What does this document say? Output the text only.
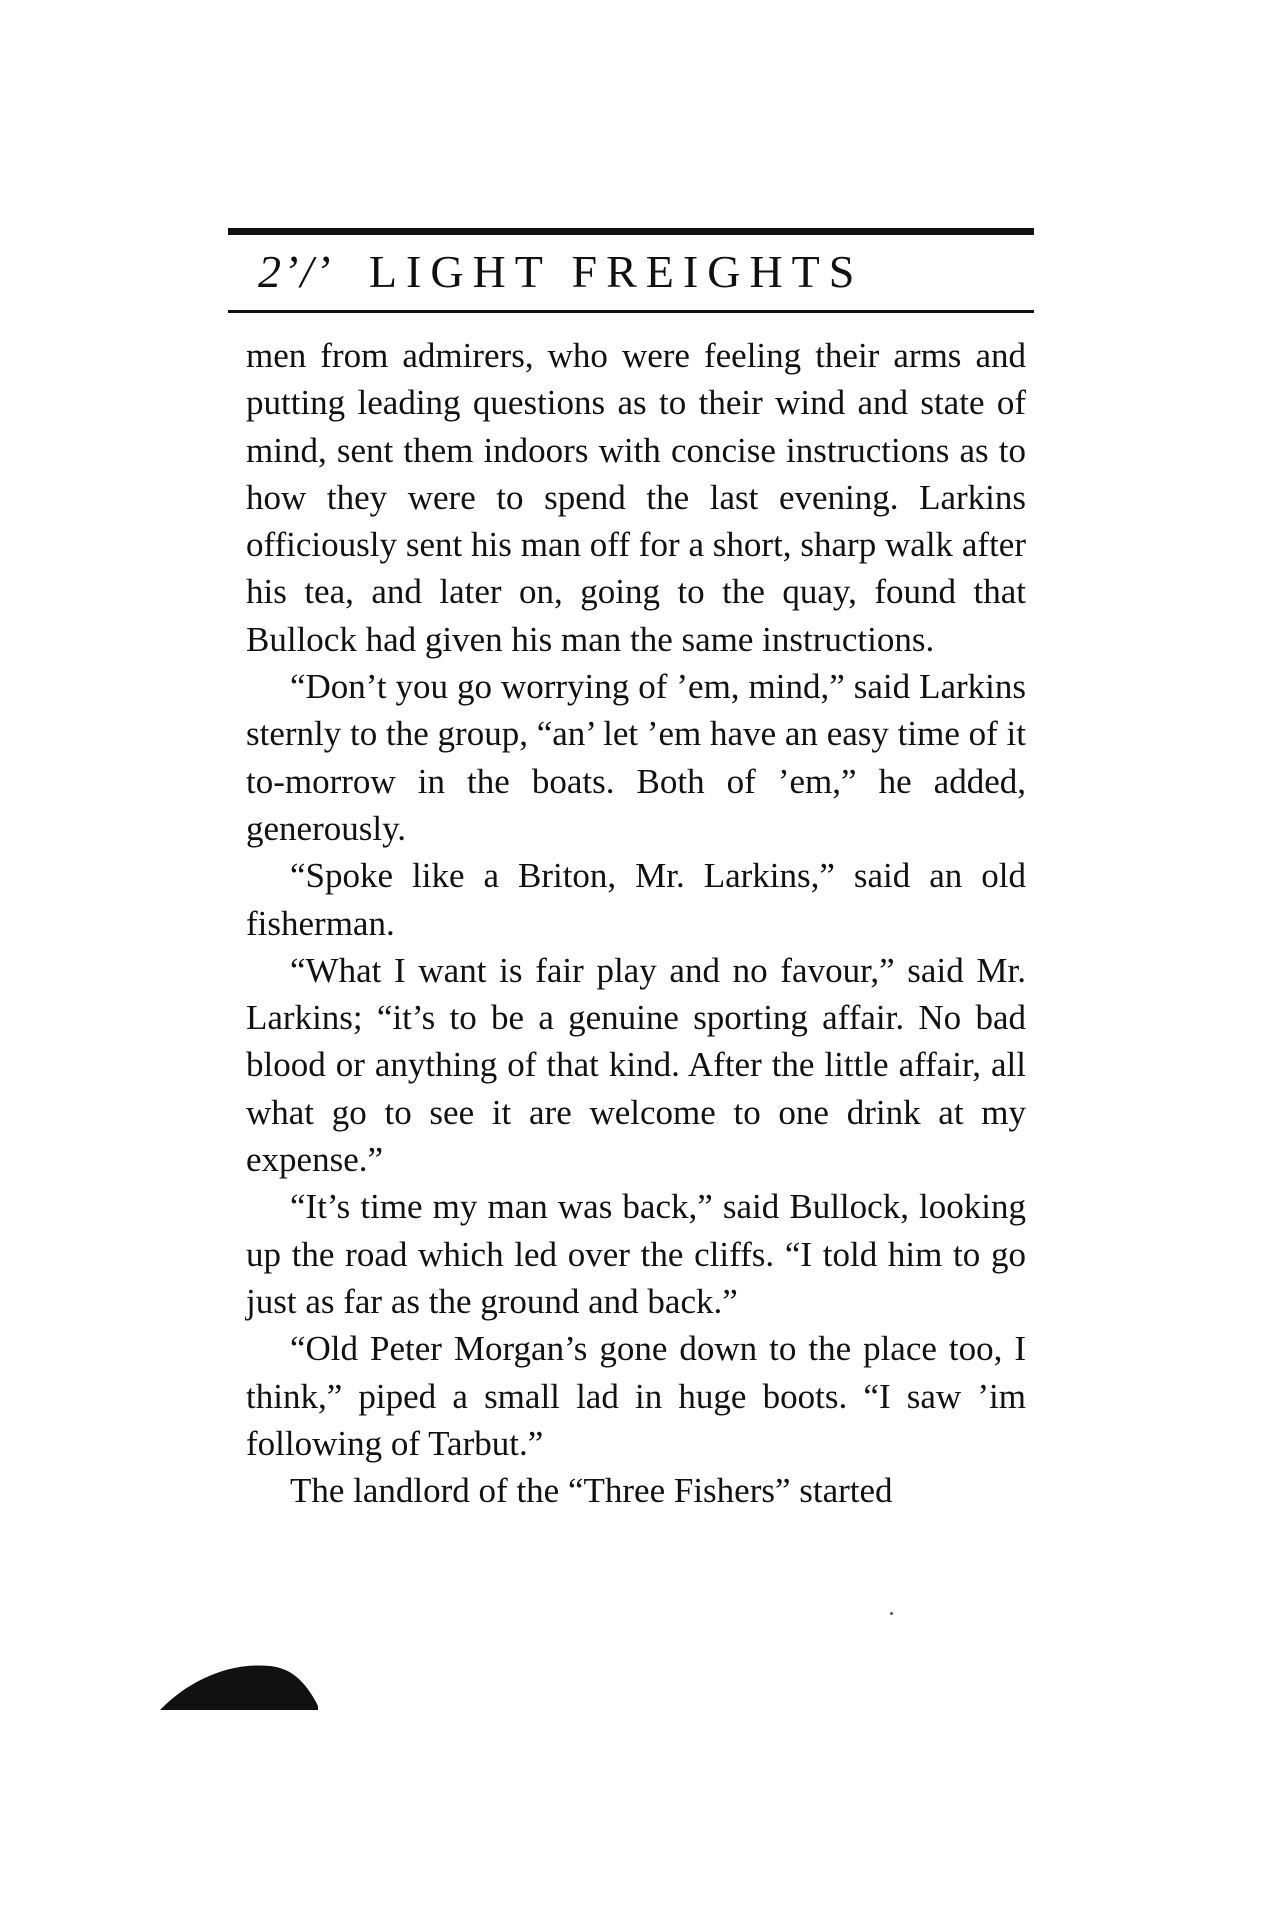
2ʼ/ʼ LIGHT FREIGHTS

men from admirers, who were feeling their arms and putting leading questions as to their wind and state of mind, sent them indoors with concise instructions as to how they were to spend the last evening. Larkins officiously sent his man off for a short, sharp walk after his tea, and later on, going to the quay, found that Bullock had given his man the same instructions.

“Don’t you go worrying of ’em, mind,” said Larkins sternly to the group, “an’ let ’em have an easy time of it to-morrow in the boats. Both of ’em,” he added, generously.

“Spoke like a Briton, Mr. Larkins,” said an old fisherman.

“What I want is fair play and no favour,” said Mr. Larkins; “it’s to be a genuine sporting affair. No bad blood or anything of that kind. After the little affair, all what go to see it are welcome to one drink at my expense.”

“It’s time my man was back,” said Bullock, looking up the road which led over the cliffs. “I told him to go just as far as the ground and back.”

“Old Peter Morgan’s gone down to the place too, I think,” piped a small lad in huge boots. “I saw ’im following of Tarbut.”

The landlord of the “Three Fishers” started
